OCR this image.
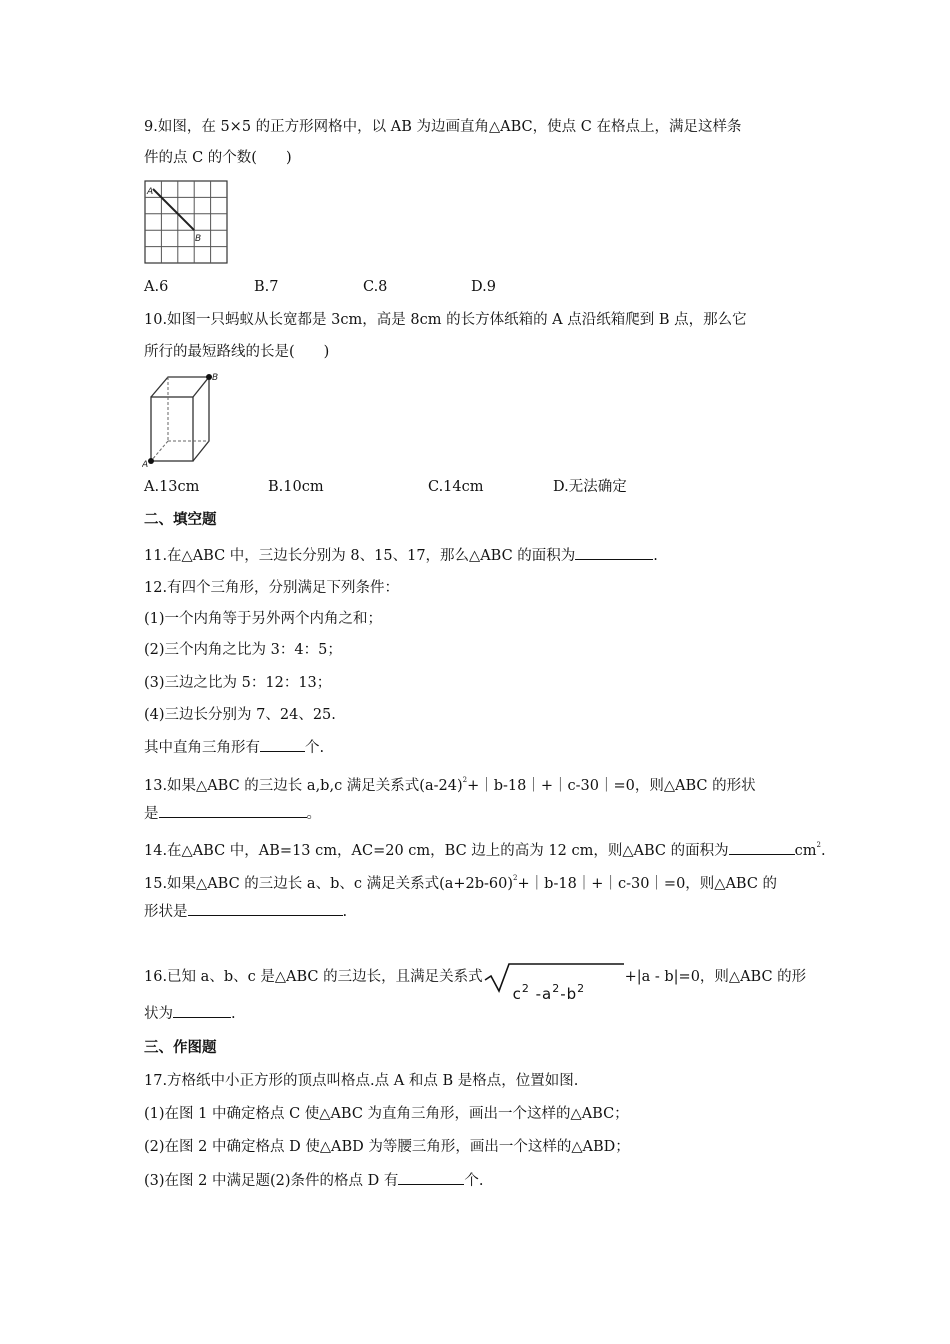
9.如图，在 5×5 的正方形网格中，以 AB 为边画直角△ABC，使点 C 在格点上，满足这样条
件的点 C 的个数(　　)
A
B
A.6	B.7	C.8	D.9
10.如图一只蚂蚁从长宽都是 3cm，高是 8cm 的长方体纸箱的 A 点沿纸箱爬到 B 点，那么它
所行的最短路线的长是(　　)
A
B
A.13cm	B.10cm	C.14cm	D.无法确定
二、填空题
11.在△ABC 中，三边长分别为 8、15、17，那么△ABC 的面积为	.
12.有四个三角形，分别满足下列条件：
(1)一个内角等于另外两个内角之和；
(2)三个内角之比为 3：4：5；
(3)三边之比为 5：12：13；
(4)三边长分别为 7、24、25.
其中直角三角形有	个.
13.如果△ABC 的三边长 a,b,c 满足关系式$(a-24)^2+|b-18|+|c-30|=0$，则△ABC 的形状
是	。
14.在△ABC 中，AB=13 cm，AC=20 cm，BC 边上的高为 12 cm，则△ABC 的面积为	$cm^2$.
15.如果△ABC 的三边长 a、b、c 满足关系式$(a+2b-60)^2+|b-18|+|c-30|=0$，则△ABC 的
形状是	.
16.已知 a、b、c 是△ABC 的三边长，且满足关系式
$c^2$ $-a^2-b^2$
+|a - b|=0，则△ABC 的形
状为	.
三、作图题
17.方格纸中小正方形的顶点叫格点.点 A 和点 B 是格点，位置如图.
(1)在图 1 中确定格点 C 使△ABC 为直角三角形，画出一个这样的△ABC；
(2)在图 2 中确定格点 D 使△ABD 为等腰三角形，画出一个这样的△ABD；
(3)在图 2 中满足题(2)条件的格点 D 有	个.
